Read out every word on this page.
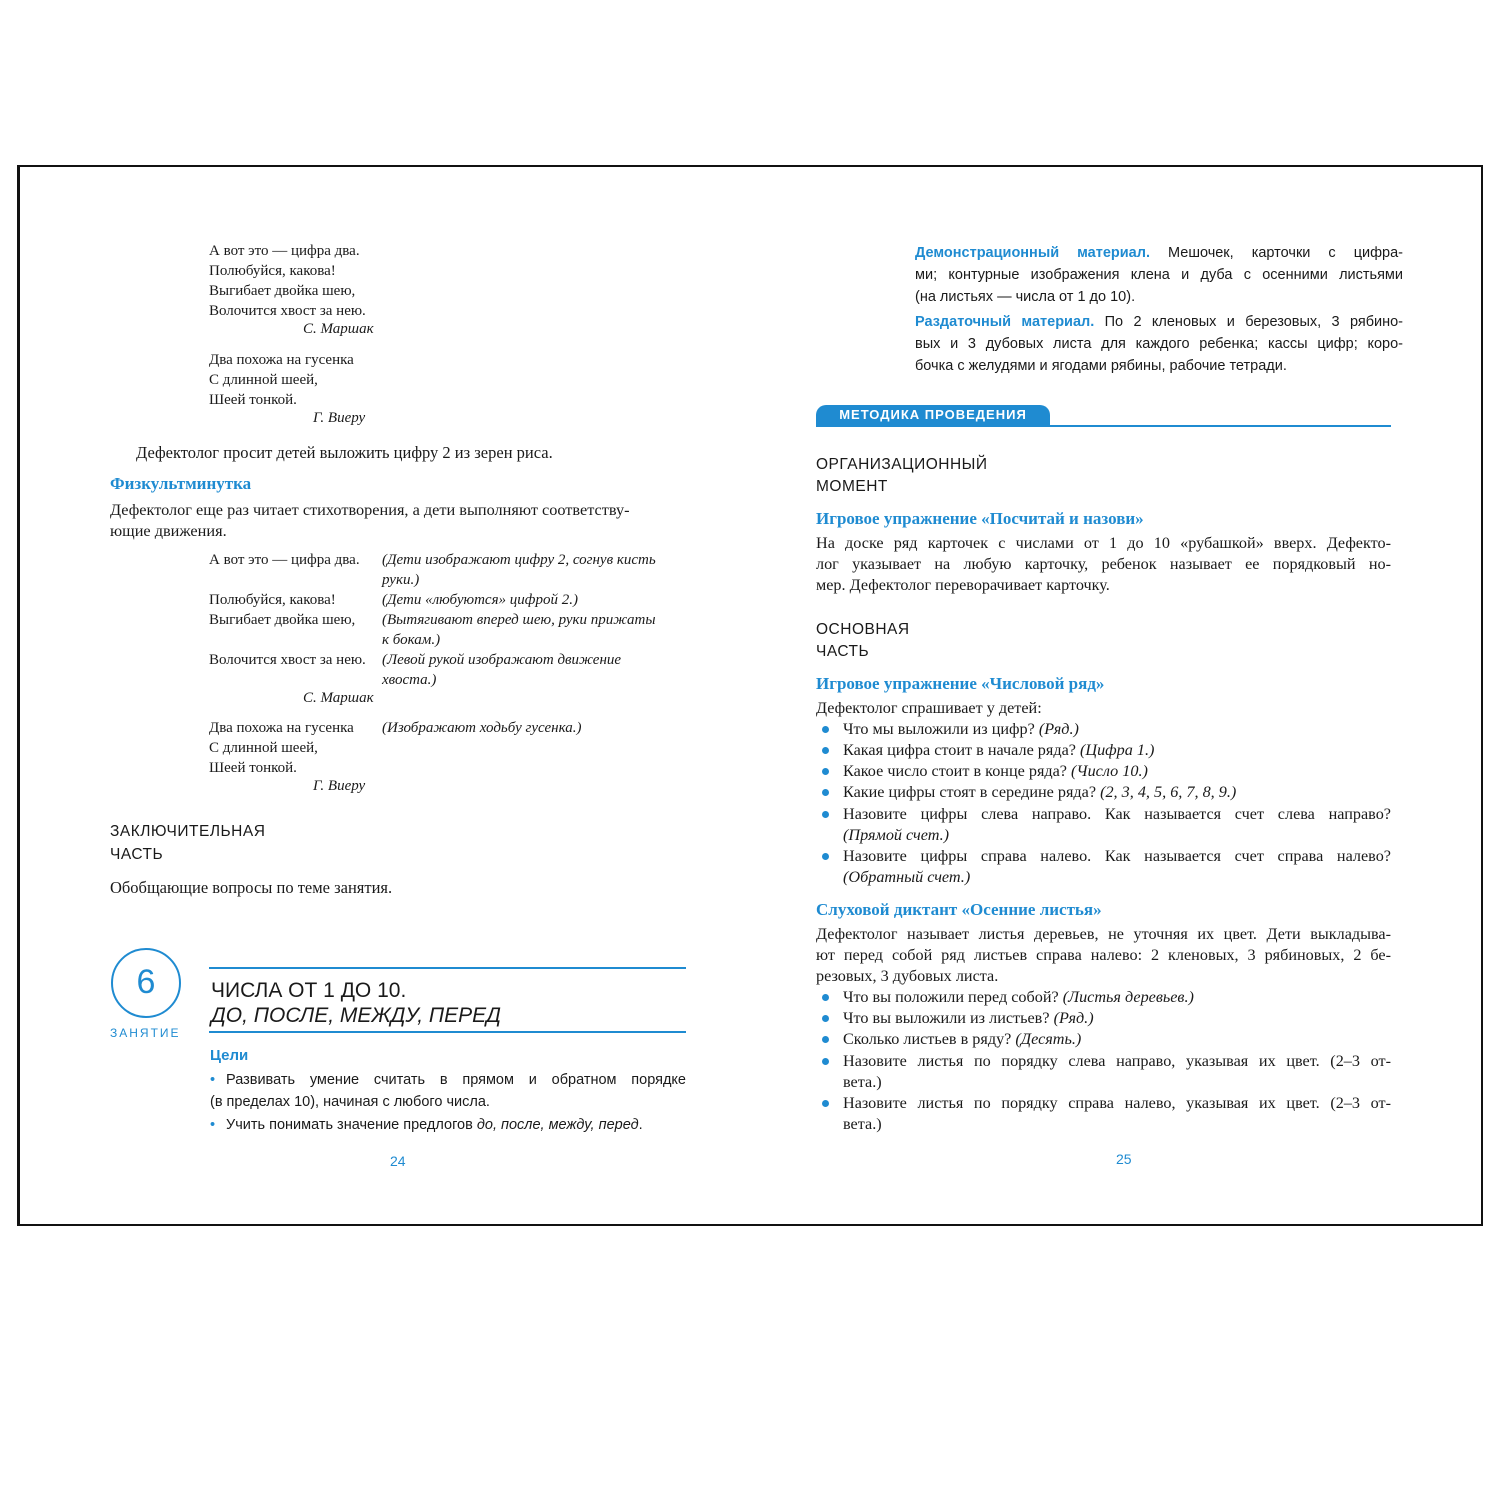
А вот это — цифра два.
Полюбуйся, какова!
Выгибает двойка шею,
Волочится хвост за нею.
С. Маршак
Два похожа на гусенка
С длинной шеей,
Шеей тонкой.
Г. Виеру
Дефектолог просит детей выложить цифру 2 из зерен риса.
Физкультминутка
Дефектолог еще раз читает стихотворения, а дети выполняют соответству-
ющие движения.
А вот это — цифра два. (Дети изображают цифру 2, согнув кисть
руки.)
Полюбуйся, какова!	(Дети «любуются» цифрой 2.)
Выгибает двойка шею, (Вытягивают вперед шею, руки прижаты
к бокам.)
Волочится хвост за нею. (Левой рукой изображают движение
хвоста.)
С. Маршак
Два похожа на гусенка (Изображают ходьбу гусенка.)
С длинной шеей,
Шеей тонкой.
Г. Виеру
ЗАКЛЮЧИТЕЛЬНАЯ
ЧАСТЬ
Обобщающие вопросы по теме занятия.
6
ЗАНЯТИЕ
ЧИСЛА ОТ 1 ДО 10.
ДО, ПОСЛЕ, МЕЖДУ, ПЕРЕД
Цели
• Развивать умение считать в прямом и обратном порядке
(в пределах 10), начиная с любого числа.
• Учить понимать значение предлогов до, после, между, перед.
24
Демонстрационный материал. Мешочек, карточки с цифра-
ми; контурные изображения клена и дуба с осенними листьями
(на листьях — числа от 1 до 10).
Раздаточный материал. По 2 кленовых и березовых, 3 рябино-
вых и 3 дубовых листа для каждого ребенка; кассы цифр; коро-
бочка с желудями и ягодами рябины, рабочие тетради.
МЕТОДИКА ПРОВЕДЕНИЯ
ОРГАНИЗАЦИОННЫЙ
МОМЕНТ
Игровое упражнение «Посчитай и назови»
На доске ряд карточек с числами от 1 до 10 «рубашкой» вверх. Дефекто-
лог указывает на любую карточку, ребенок называет ее порядковый но-
мер. Дефектолог переворачивает карточку.
ОСНОВНАЯ
ЧАСТЬ
Игровое упражнение «Числовой ряд»
Дефектолог спрашивает у детей:
Что мы выложили из цифр? (Ряд.)
Какая цифра стоит в начале ряда? (Цифра 1.)
Какое число стоит в конце ряда? (Число 10.)
Какие цифры стоят в середине ряда? (2, 3, 4, 5, 6, 7, 8, 9.)
Назовите цифры слева направо. Как называется счет слева направо?
(Прямой счет.)
Назовите цифры справа налево. Как называется счет справа налево?
(Обратный счет.)
Слуховой диктант «Осенние листья»
Дефектолог называет листья деревьев, не уточняя их цвет. Дети выкладыва-
ют перед собой ряд листьев справа налево: 2 кленовых, 3 рябиновых, 2 бе-
резовых, 3 дубовых листа.
Что вы положили перед собой? (Листья деревьев.)
Что вы выложили из листьев? (Ряд.)
Сколько листьев в ряду? (Десять.)
Назовите листья по порядку слева направо, указывая их цвет. (2–3 от-
вета.)
Назовите листья по порядку справа налево, указывая их цвет. (2–3 от-
вета.)
25
